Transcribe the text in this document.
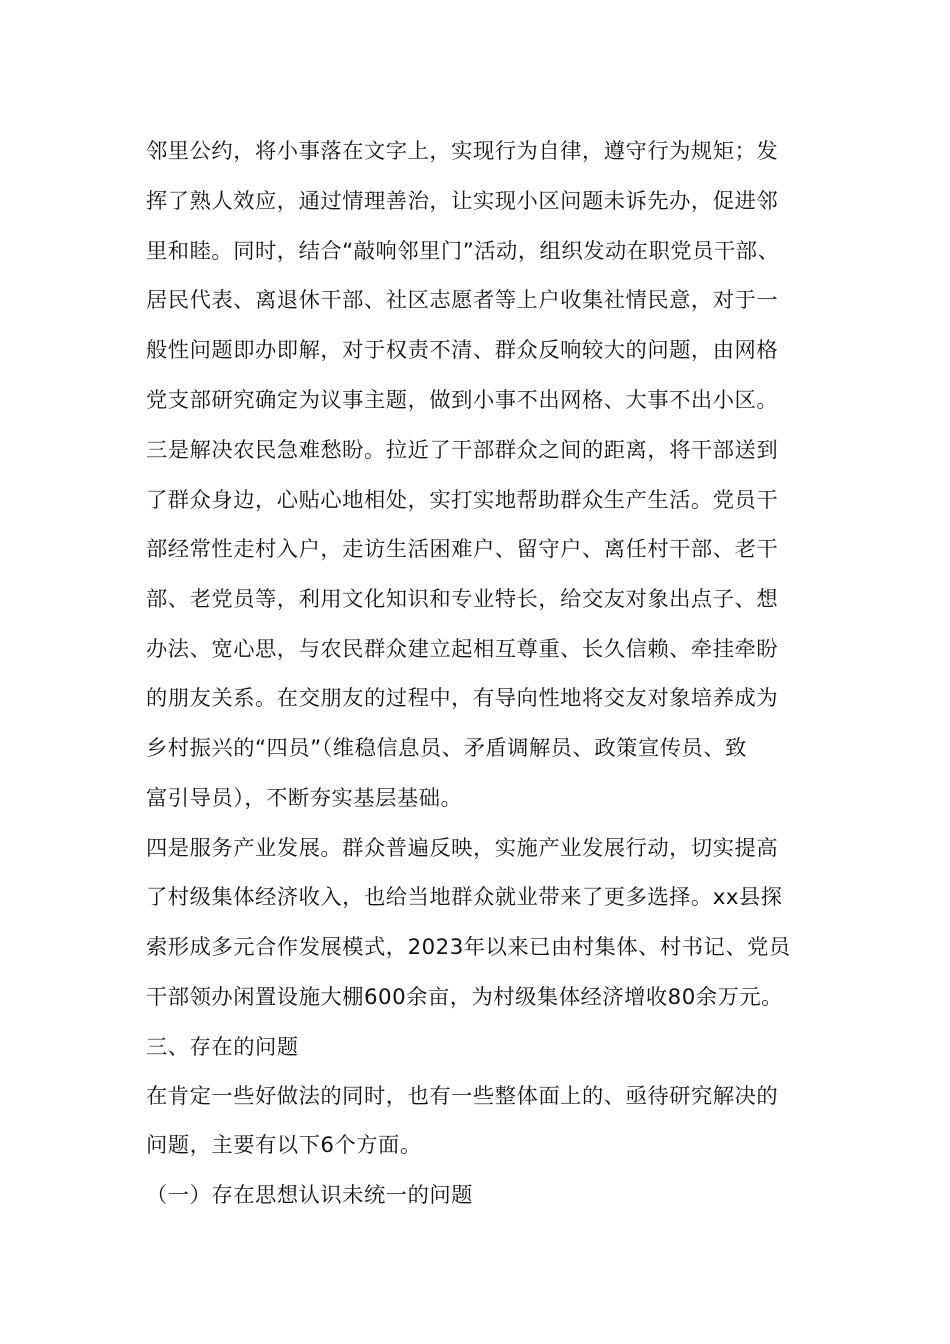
邻里公约，将小事落在文字上，实现行为自律，遵守行为规矩；发
挥了熟人效应，通过情理善治，让实现小区问题未诉先办，促进邻
里和睦。同时，结合“敲响邻里门”活动，组织发动在职党员干部、
居民代表、离退休干部、社区志愿者等上户收集社情民意，对于一
般性问题即办即解，对于权责不清、群众反响较大的问题，由网格
党支部研究确定为议事主题，做到小事不出网格、大事不出小区。
三是解决农民急难愁盼。拉近了干部群众之间的距离，将干部送到
了群众身边，心贴心地相处，实打实地帮助群众生产生活。党员干
部经常性走村入户，走访生活困难户、留守户、离任村干部、老干
部、老党员等，利用文化知识和专业特长，给交友对象出点子、想
办法、宽心思，与农民群众建立起相互尊重、长久信赖、牵挂牵盼
的朋友关系。在交朋友的过程中，有导向性地将交友对象培养成为
乡村振兴的“四员”（维稳信息员、矛盾调解员、政策宣传员、致
富引导员），不断夯实基层基础。
四是服务产业发展。群众普遍反映，实施产业发展行动，切实提高
了村级集体经济收入，也给当地群众就业带来了更多选择。xx县探
索形成多元合作发展模式，2023年以来已由村集体、村书记、党员
干部领办闲置设施大棚600余亩，为村级集体经济增收80余万元。
三、存在的问题
在肯定一些好做法的同时，也有一些整体面上的、亟待研究解决的
问题，主要有以下6个方面。
（一）存在思想认识未统一的问题
